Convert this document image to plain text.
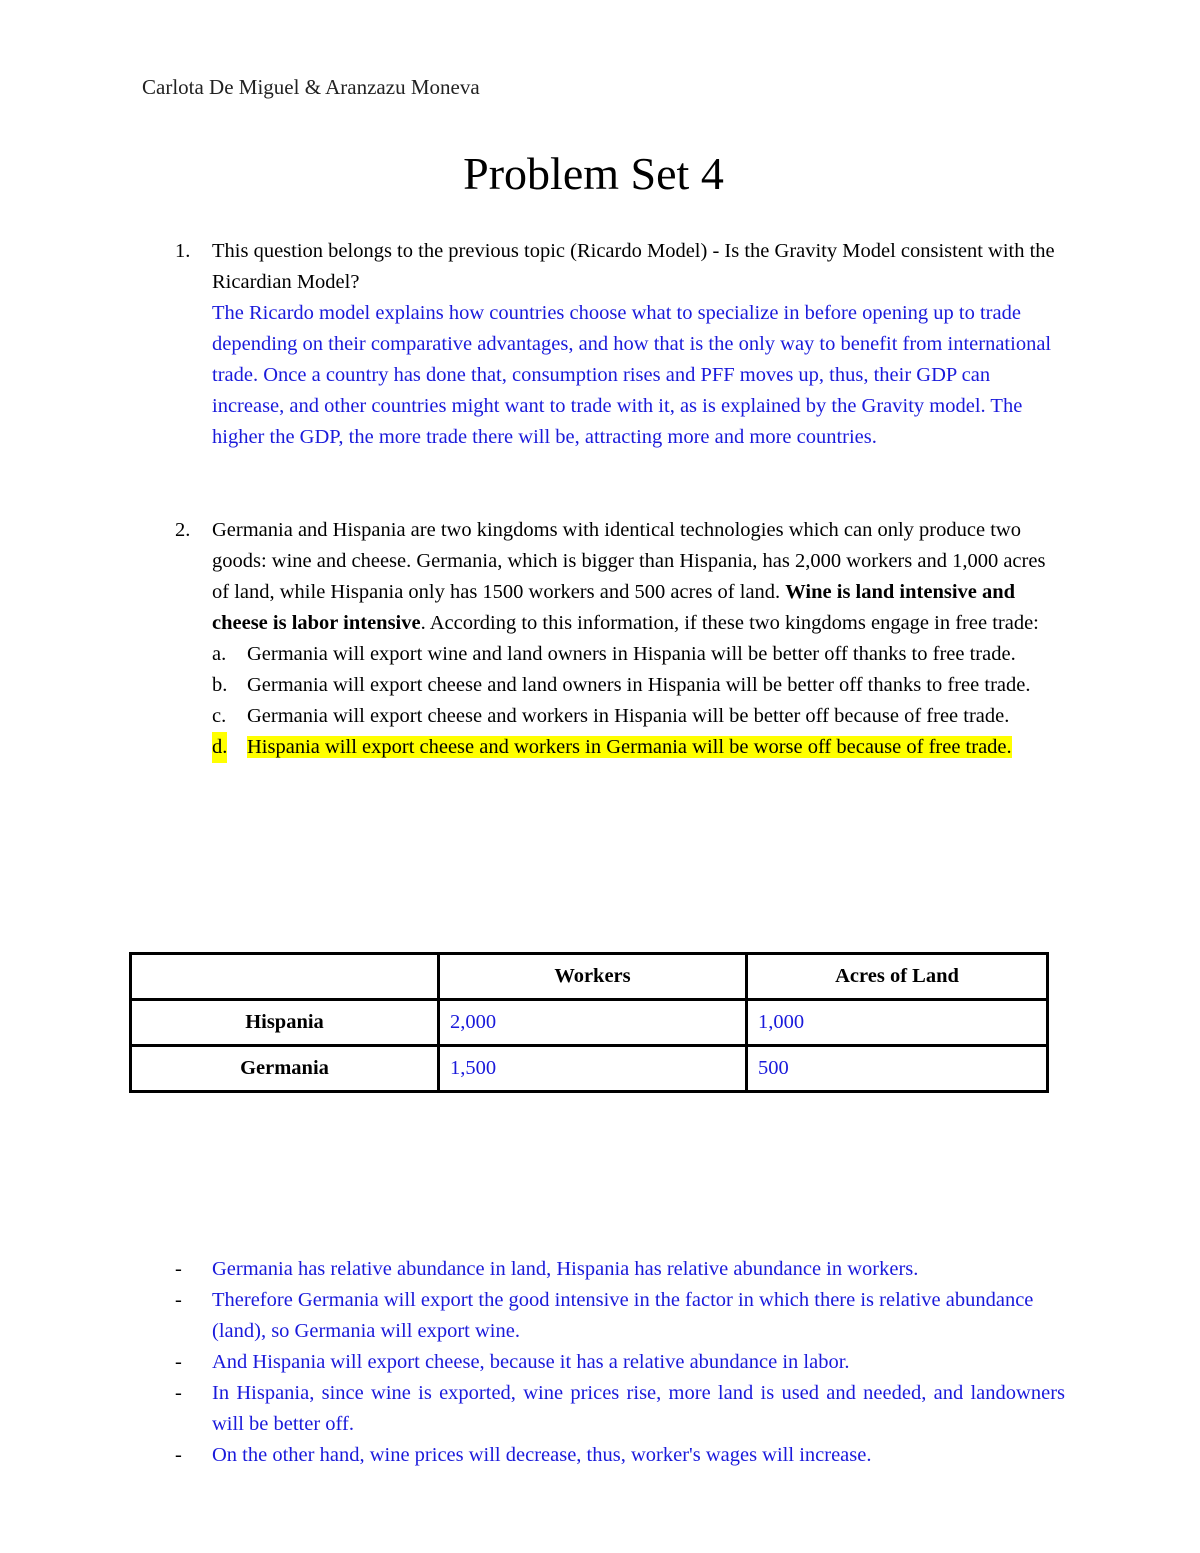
Carlota De Miguel & Aranzazu Moneva
Problem Set 4
1. This question belongs to the previous topic (Ricardo Model) - Is the Gravity Model consistent with the Ricardian Model?
The Ricardo model explains how countries choose what to specialize in before opening up to trade depending on their comparative advantages, and how that is the only way to benefit from international trade. Once a country has done that, consumption rises and PFF moves up, thus, their GDP can increase, and other countries might want to trade with it, as is explained by the Gravity model. The higher the GDP, the more trade there will be, attracting more and more countries.
2. Germania and Hispania are two kingdoms with identical technologies which can only produce two goods: wine and cheese. Germania, which is bigger than Hispania, has 2,000 workers and 1,000 acres of land, while Hispania only has 1500 workers and 500 acres of land. Wine is land intensive and cheese is labor intensive. According to this information, if these two kingdoms engage in free trade:
a. Germania will export wine and land owners in Hispania will be better off thanks to free trade.
b. Germania will export cheese and land owners in Hispania will be better off thanks to free trade.
c. Germania will export cheese and workers in Hispania will be better off because of free trade.
d. Hispania will export cheese and workers in Germania will be worse off because of free trade.
	Workers	Acres of Land
Hispania	2,000	1,000
Germania	1,500	500
- Germania has relative abundance in land, Hispania has relative abundance in workers.
- Therefore Germania will export the good intensive in the factor in which there is relative abundance (land), so Germania will export wine.
- And Hispania will export cheese, because it has a relative abundance in labor.
- In Hispania, since wine is exported, wine prices rise, more land is used and needed, and landowners will be better off.
- On the other hand, wine prices will decrease, thus, worker's wages will increase.
